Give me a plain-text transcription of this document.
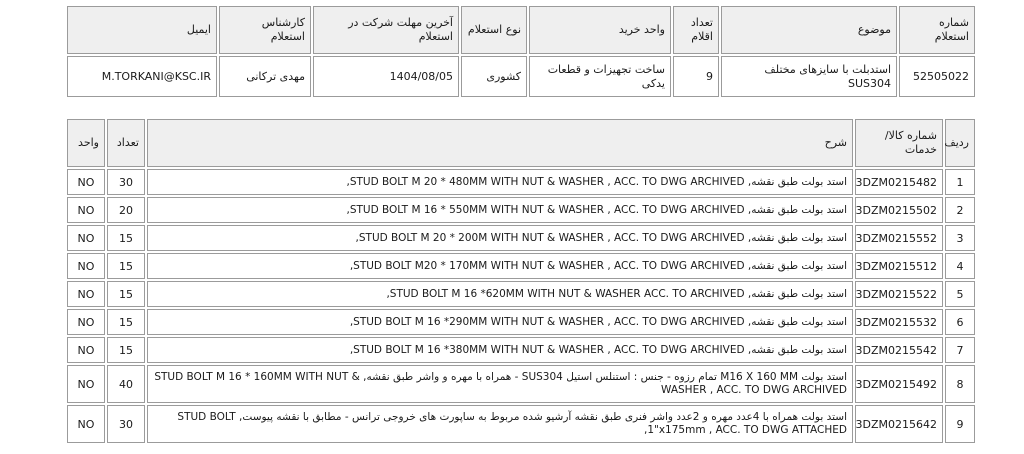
شماره استعلام	موضوع	تعداد اقلام	واحد خرید	نوع استعلام	آخرین مهلت شرکت در استعلام	کارشناس استعلام	ایمیل
52505022	استدبلت با سایزهای مختلف SUS304	9	ساخت تجهیزات و قطعات یدکی	کشوری	1404/08/05	مهدی ترکانی	M.TORKANI@KSC.IR
ردیف	شماره کالا/خدمات	شرح	تعداد	واحد
1	3DZM0215482	استد بولت طبق نقشه, STUD BOLT M 20 * 480MM WITH NUT & WASHER , ACC. TO DWG ARCHIVED,	30	NO
2	3DZM0215502	استد بولت طبق نقشه, STUD BOLT M 16 * 550MM WITH NUT & WASHER , ACC. TO DWG ARCHIVED,	20	NO
3	3DZM0215552	استد بولت طبق نقشه, STUD BOLT M 20 * 200M WITH NUT & WASHER , ACC. TO DWG ARCHIVED,	15	NO
4	3DZM0215512	استد بولت طبق نقشه, STUD BOLT M20 * 170MM WITH NUT & WASHER , ACC. TO DWG ARCHIVED,	15	NO
5	3DZM0215522	استد بولت طبق نقشه, STUD BOLT M 16 *620MM WITH NUT & WASHER ACC. TO ARCHIVED,	15	NO
6	3DZM0215532	استد بولت طبق نقشه, STUD BOLT M 16 *290MM WITH NUT & WASHER , ACC. TO DWG ARCHIVED,	15	NO
7	3DZM0215542	استد بولت طبق نقشه, STUD BOLT M 16 *380MM WITH NUT & WASHER , ACC. TO DWG ARCHIVED,	15	NO
8	3DZM0215492	استد بولت M16 X 160 MM تمام رزوه - جنس : استنلس استیل SUS304 - همراه با مهره و واشر طبق نقشه, STUD BOLT M 16 * 160MM WITH NUT & WASHER , ACC. TO DWG ARCHIVED	40	NO
9	3DZM0215642	استد بولت همراه با 4عدد مهره و 2عدد واشر فنری طبق نقشه آرشیو شده مربوط به ساپورت های خروجی ترانس - مطابق با نقشه پیوست, STUD BOLT 1"x175mm , ACC. TO DWG ATTACHED,	30	NO
